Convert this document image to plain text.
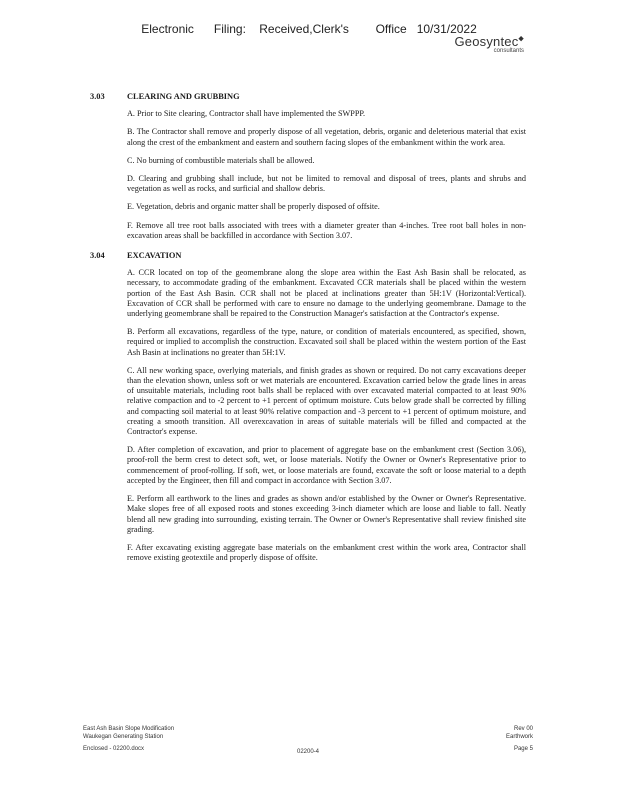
Electronic      Filing:    Received,Clerk's        Office   10/31/2022
Geosyntec◆
consultants
3.03	CLEARING AND GRUBBING
A. Prior to Site clearing, Contractor shall have implemented the SWPPP.
B. The Contractor shall remove and properly dispose of all vegetation, debris, organic and deleterious material that exist along the crest of the embankment and eastern and southern facing slopes of the embankment within the work area.
C. No burning of combustible materials shall be allowed.
D. Clearing and grubbing shall include, but not be limited to removal and disposal of trees, plants and shrubs and vegetation as well as rocks, and surficial and shallow debris.
E. Vegetation, debris and organic matter shall be properly disposed of offsite.
F. Remove all tree root balls associated with trees with a diameter greater than 4-inches. Tree root ball holes in non-excavation areas shall be backfilled in accordance with Section 3.07.
3.04	EXCAVATION
A. CCR located on top of the geomembrane along the slope area within the East Ash Basin shall be relocated, as necessary, to accommodate grading of the embankment. Excavated CCR materials shall be placed within the western portion of the East Ash Basin. CCR shall not be placed at inclinations greater than 5H:1V (Horizontal:Vertical). Excavation of CCR shall be performed with care to ensure no damage to the underlying geomembrane. Damage to the underlying geomembrane shall be repaired to the Construction Manager's satisfaction at the Contractor's expense.
B. Perform all excavations, regardless of the type, nature, or condition of materials encountered, as specified, shown, required or implied to accomplish the construction. Excavated soil shall be placed within the western portion of the East Ash Basin at inclinations no greater than 5H:1V.
C. All new working space, overlying materials, and finish grades as shown or required. Do not carry excavations deeper than the elevation shown, unless soft or wet materials are encountered. Excavation carried below the grade lines in areas of unsuitable materials, including root balls shall be replaced with over excavated material compacted to at least 90% relative compaction and to -2 percent to +1 percent of optimum moisture. Cuts below grade shall be corrected by filling and compacting soil material to at least 90% relative compaction and -3 percent to +1 percent of optimum moisture, and creating a smooth transition. All overexcavation in areas of suitable materials will be filled and compacted at the Contractor's expense.
D. After completion of excavation, and prior to placement of aggregate base on the embankment crest (Section 3.06), proof-roll the berm crest to detect soft, wet, or loose materials. Notify the Owner or Owner's Representative prior to commencement of proof-rolling. If soft, wet, or loose materials are found, excavate the soft or loose material to a depth accepted by the Engineer, then fill and compact in accordance with Section 3.07.
E. Perform all earthwork to the lines and grades as shown and/or established by the Owner or Owner's Representative. Make slopes free of all exposed roots and stones exceeding 3-inch diameter which are loose and liable to fall. Neatly blend all new grading into surrounding, existing terrain. The Owner or Owner's Representative shall review finished site grading.
F. After excavating existing aggregate base materials on the embankment crest within the work area, Contractor shall remove existing geotextile and properly dispose of offsite.
East Ash Basin Slope Modification
Waukegan Generating Station
Enclosed - 02200.docx
Rev 00
Earthwork
Page 5
02200-4
